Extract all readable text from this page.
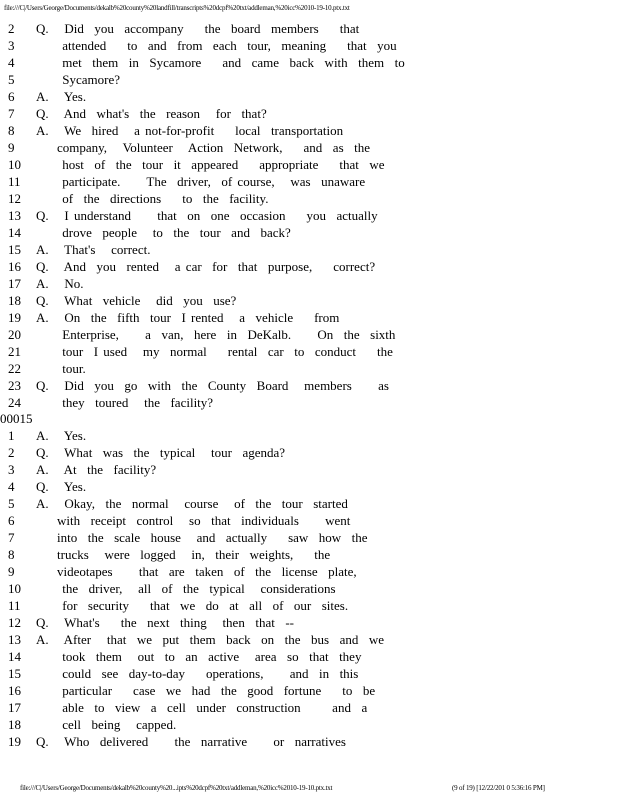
file:///C|/Users/George/Documents/dekalb%20county%20landfill/transcripts%20dcpf%20txt/addleman,%20icc%2010-19-10.ptx.txt
2	Q.   Did  you  accompany    the  board  members    that
3	attended    to  and  from  each  tour,  meaning    that  you
4	met  them  in  Sycamore    and  came  back  with  them  to
5	Sycamore?
6	A.   Yes.
7	Q.   And  what's  the  reason   for  that?
8	A.   We  hired   a not-for-profit    local  transportation
9	company,   Volunteer   Action  Network,    and  as  the
10	host  of  the  tour  it  appeared    appropriate    that  we
11	participate.     The  driver,  of course,   was  unaware
12	of  the  directions    to  the  facility.
13	Q.   I understand     that  on  one  occasion    you  actually
14	drove  people   to  the  tour  and  back?
15	A.   That's   correct.
16	Q.   And  you  rented   a car  for  that  purpose,    correct?
17	A.   No.
18	Q.   What  vehicle   did  you  use?
19	A.   On  the  fifth  tour  I rented   a  vehicle    from
20	Enterprise,     a  van,  here  in  DeKalb.     On  the  sixth
21	tour  I used   my  normal    rental  car  to  conduct    the
22	tour.
23	Q.   Did  you  go  with  the  County  Board   members     as
24	they  toured   the  facility?
00015
1	A.   Yes.
2	Q.   What  was  the  typical   tour  agenda?
3	A.   At  the  facility?
4	Q.   Yes.
5	A.   Okay,  the  normal   course   of  the  tour  started
6	with  receipt  control   so  that  individuals     went
7	into  the  scale  house   and  actually    saw  how  the
8	trucks   were  logged   in,  their  weights,    the
9	videotapes     that  are  taken  of  the  license  plate,
10	the  driver,   all  of  the  typical   considerations
11	for  security    that  we  do  at  all  of  our  sites.
12	Q.   What's    the  next  thing   then  that  --
13	A.   After   that  we  put  them  back  on  the  bus  and  we
14	took  them   out  to  an  active   area  so  that  they
15	could  see  day-to-day    operations,     and  in  this
16	particular    case  we  had  the  good  fortune    to  be
17	able  to  view  a  cell  under  construction      and  a
18	cell  being   capped.
19	Q.   Who  delivered     the  narrative     or  narratives
file:///C|/Users/George/Documents/dekalb%20county%20...ipts%20dcpf%20txt/addleman,%20icc%2010-19-10.ptx.txt	(9 of 19) [12/22/201 0 5:36:16 PM]
